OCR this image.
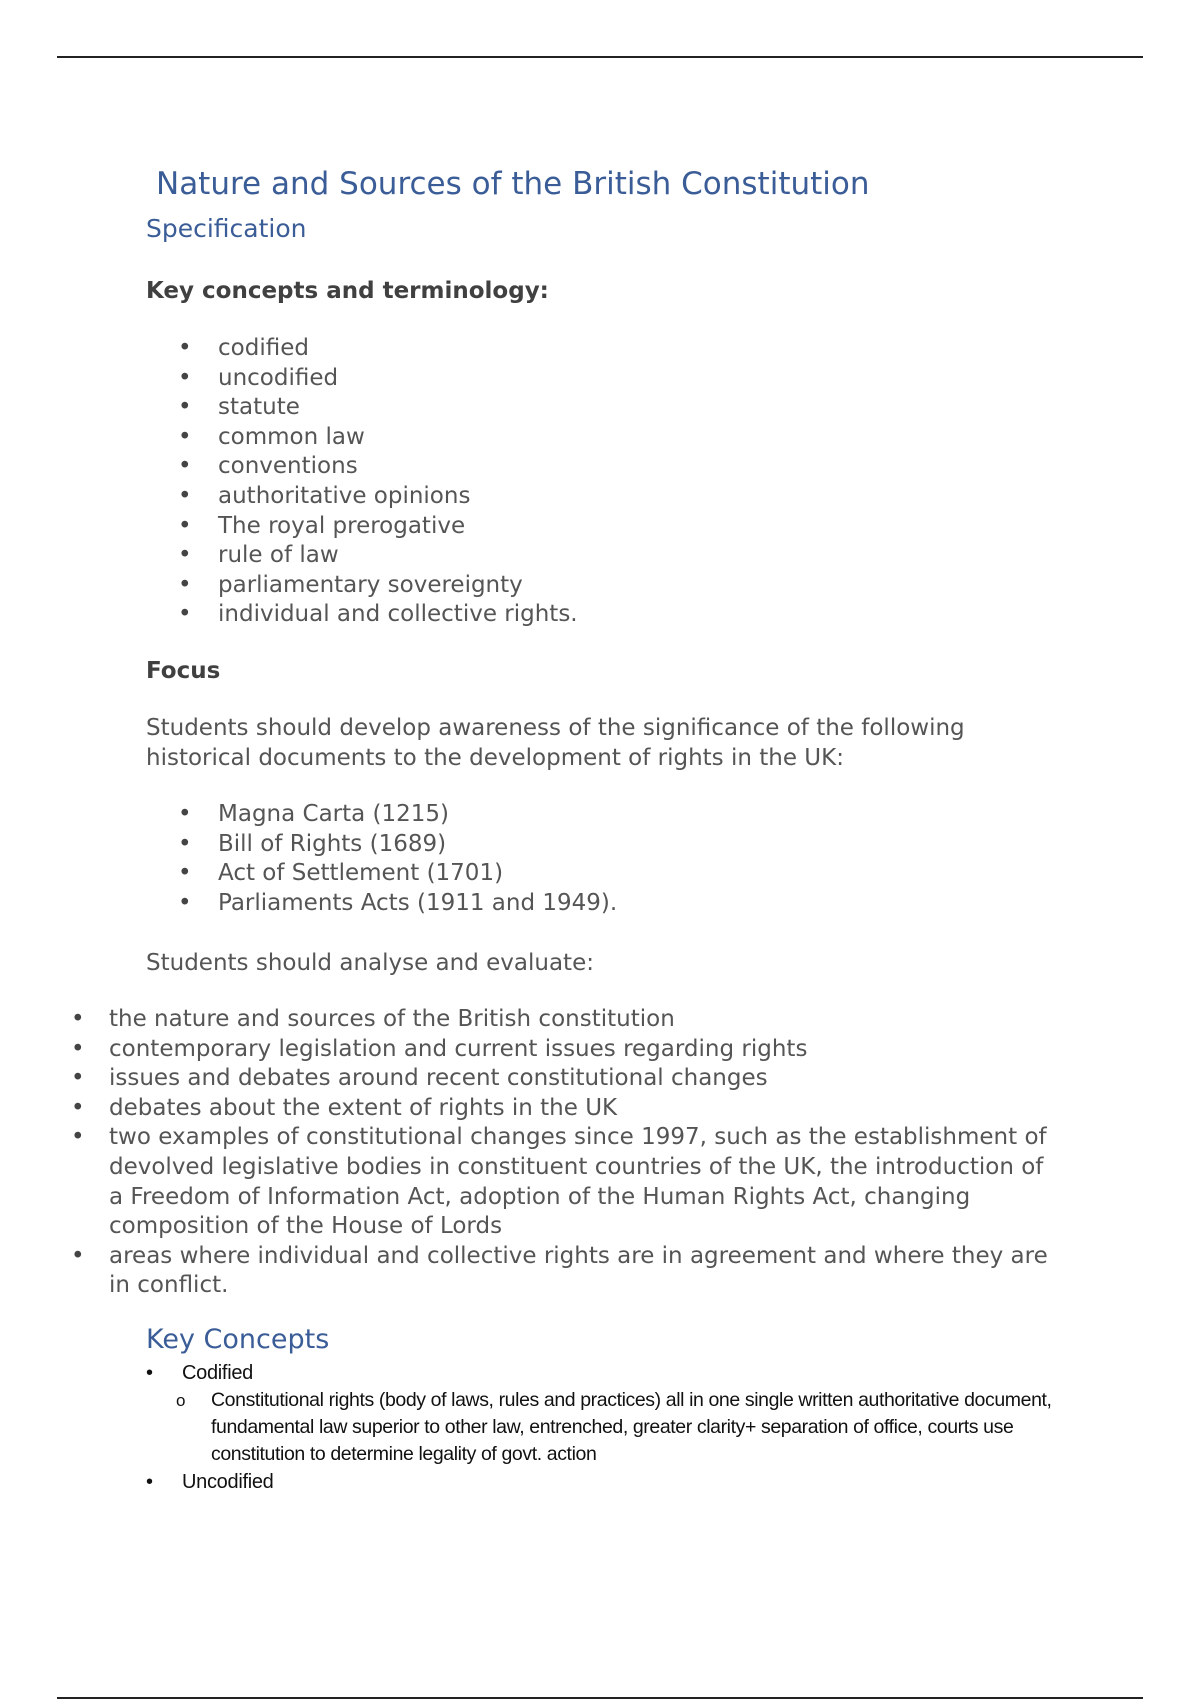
Nature and Sources of the British Constitution
Specification
Key concepts and terminology:
• codified
• uncodified
• statute
• common law
• conventions
• authoritative opinions
• The royal prerogative
• rule of law
• parliamentary sovereignty
• individual and collective rights.
Focus

Students should develop awareness of the significance of the following historical documents to the development of rights in the UK:

• Magna Carta (1215)
• Bill of Rights (1689)
• Act of Settlement (1701)
• Parliaments Acts (1911 and 1949).

Students should analyse and evaluate:

• the nature and sources of the British constitution
• contemporary legislation and current issues regarding rights
• issues and debates around recent constitutional changes
• debates about the extent of rights in the UK
• two examples of constitutional changes since 1997, such as the establishment of devolved legislative bodies in constituent countries of the UK, the introduction of a Freedom of Information Act, adoption of the Human Rights Act, changing composition of the House of Lords
• areas where individual and collective rights are in agreement and where they are in conflict.
Key Concepts
• Codified
o Constitutional rights (body of laws, rules and practices) all in one single written authoritative document, fundamental law superior to other law, entrenched, greater clarity+ separation of office, courts use constitution to determine legality of govt. action
• Uncodified
